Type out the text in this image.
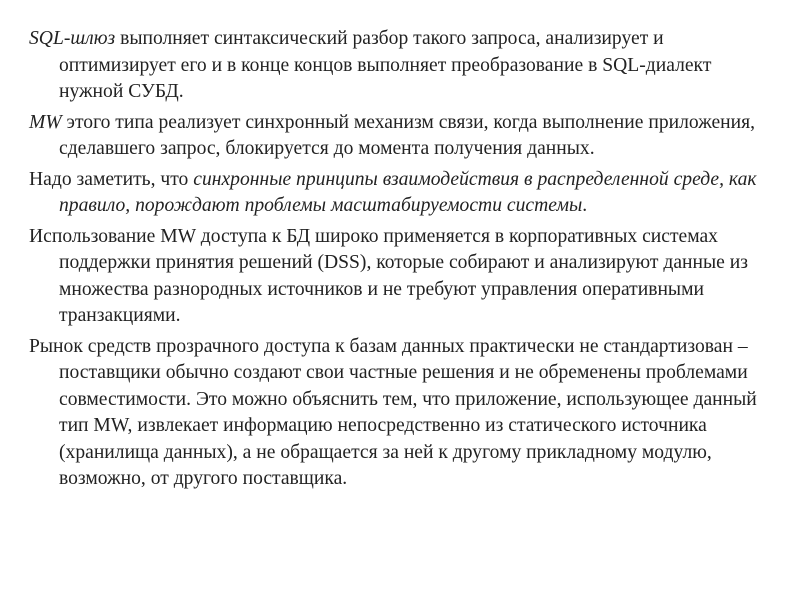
SQL-шлюз выполняет синтаксический разбор такого запроса, анализирует и оптимизирует его и в конце концов выполняет преобразование в SQL-диалект нужной СУБД.

MW этого типа реализует синхронный механизм связи, когда выполнение приложения, сделавшего запрос, блокируется до момента получения данных.

Надо заметить, что синхронные принципы взаимодействия в распределенной среде, как правило, порождают проблемы масштабируемости системы.

Использование MW доступа к БД широко применяется в корпоративных системах поддержки принятия решений (DSS), которые собирают и анализируют данные из множества разнородных источников и не требуют управления оперативными транзакциями.

Рынок средств прозрачного доступа к базам данных практически не стандартизован – поставщики обычно создают свои частные решения и не обременены проблемами совместимости. Это можно объяснить тем, что приложение, использующее данный тип MW, извлекает информацию непосредственно из статического источника (хранилища данных), а не обращается за ней к другому прикладному модулю, возможно, от другого поставщика.
